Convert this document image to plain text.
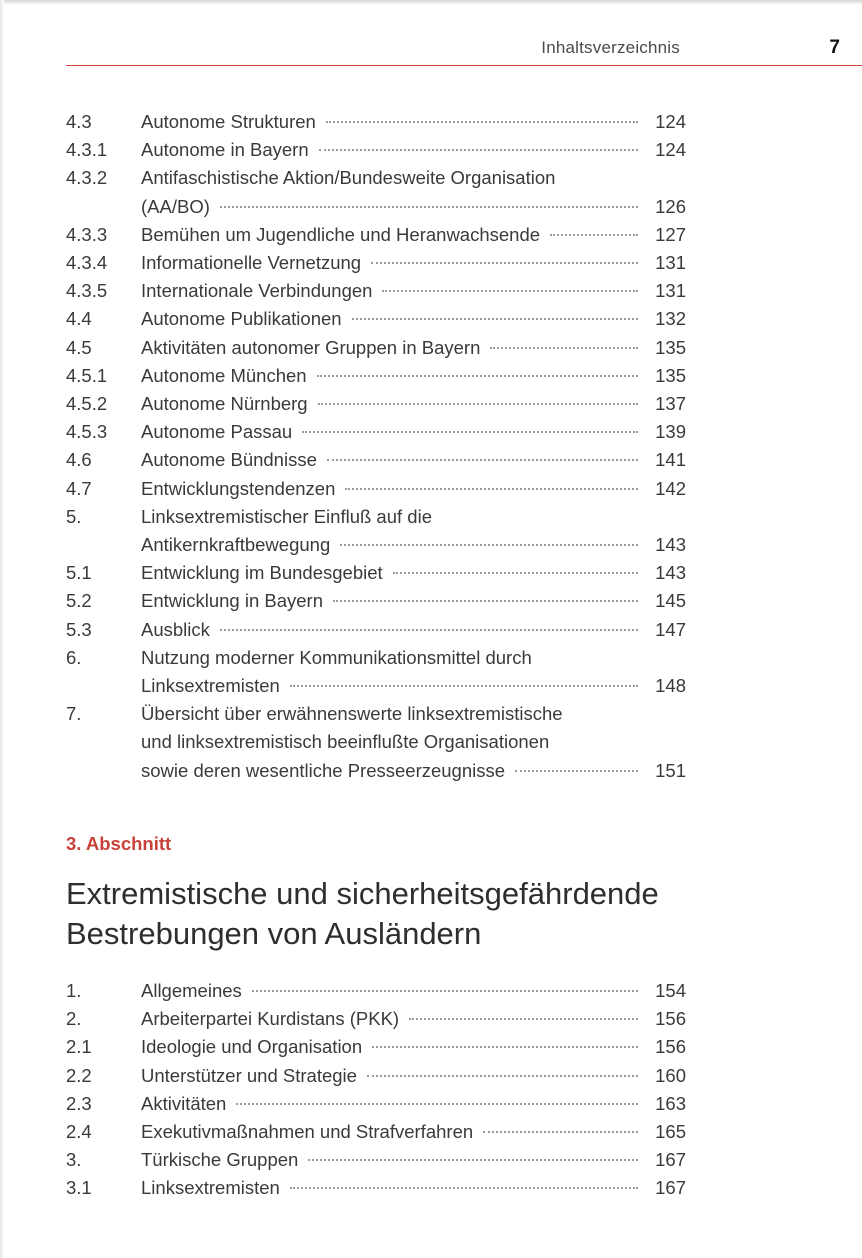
Inhaltsverzeichnis	7
4.3	Autonome Strukturen	124
4.3.1 Autonome in Bayern	124
4.3.2 Antifaschistische Aktion/Bundesweite Organisation
(AA/BO)	126
4.3.3 Bemühen um Jugendliche und Heranwachsende	127
4.3.4 Informationelle Vernetzung	131
4.3.5 Internationale Verbindungen	131
4.4	Autonome Publikationen	132
4.5	Aktivitäten autonomer Gruppen in Bayern	135
4.5.1 Autonome München	135
4.5.2 Autonome Nürnberg	137
4.5.3 Autonome Passau	139
4.6	Autonome Bündnisse	141
4.7	Entwicklungstendenzen	142
5.	Linksextremistischer Einfluß auf die
Antikernkraftbewegung	143
5.1	Entwicklung im Bundesgebiet	143
5.2	Entwicklung in Bayern	145
5.3	Ausblick	147
6.	Nutzung moderner Kommunikationsmittel durch
Linksextremisten	148
7.	Übersicht über erwähnenswerte linksextremistische
und linksextremistisch beeinflußte Organisationen
sowie deren wesentliche Presseerzeugnisse	151
3. Abschnitt
Extremistische und sicherheitsgefährdende
Bestrebungen von Ausländern
1.	Allgemeines	154
2.	Arbeiterpartei Kurdistans (PKK)	156
2.1	Ideologie und Organisation	156
2.2	Unterstützer und Strategie	160
2.3	Aktivitäten	163
2.4	Exekutivmaßnahmen und Strafverfahren	165
3.	Türkische Gruppen	167
3.1	Linksextremisten	167
